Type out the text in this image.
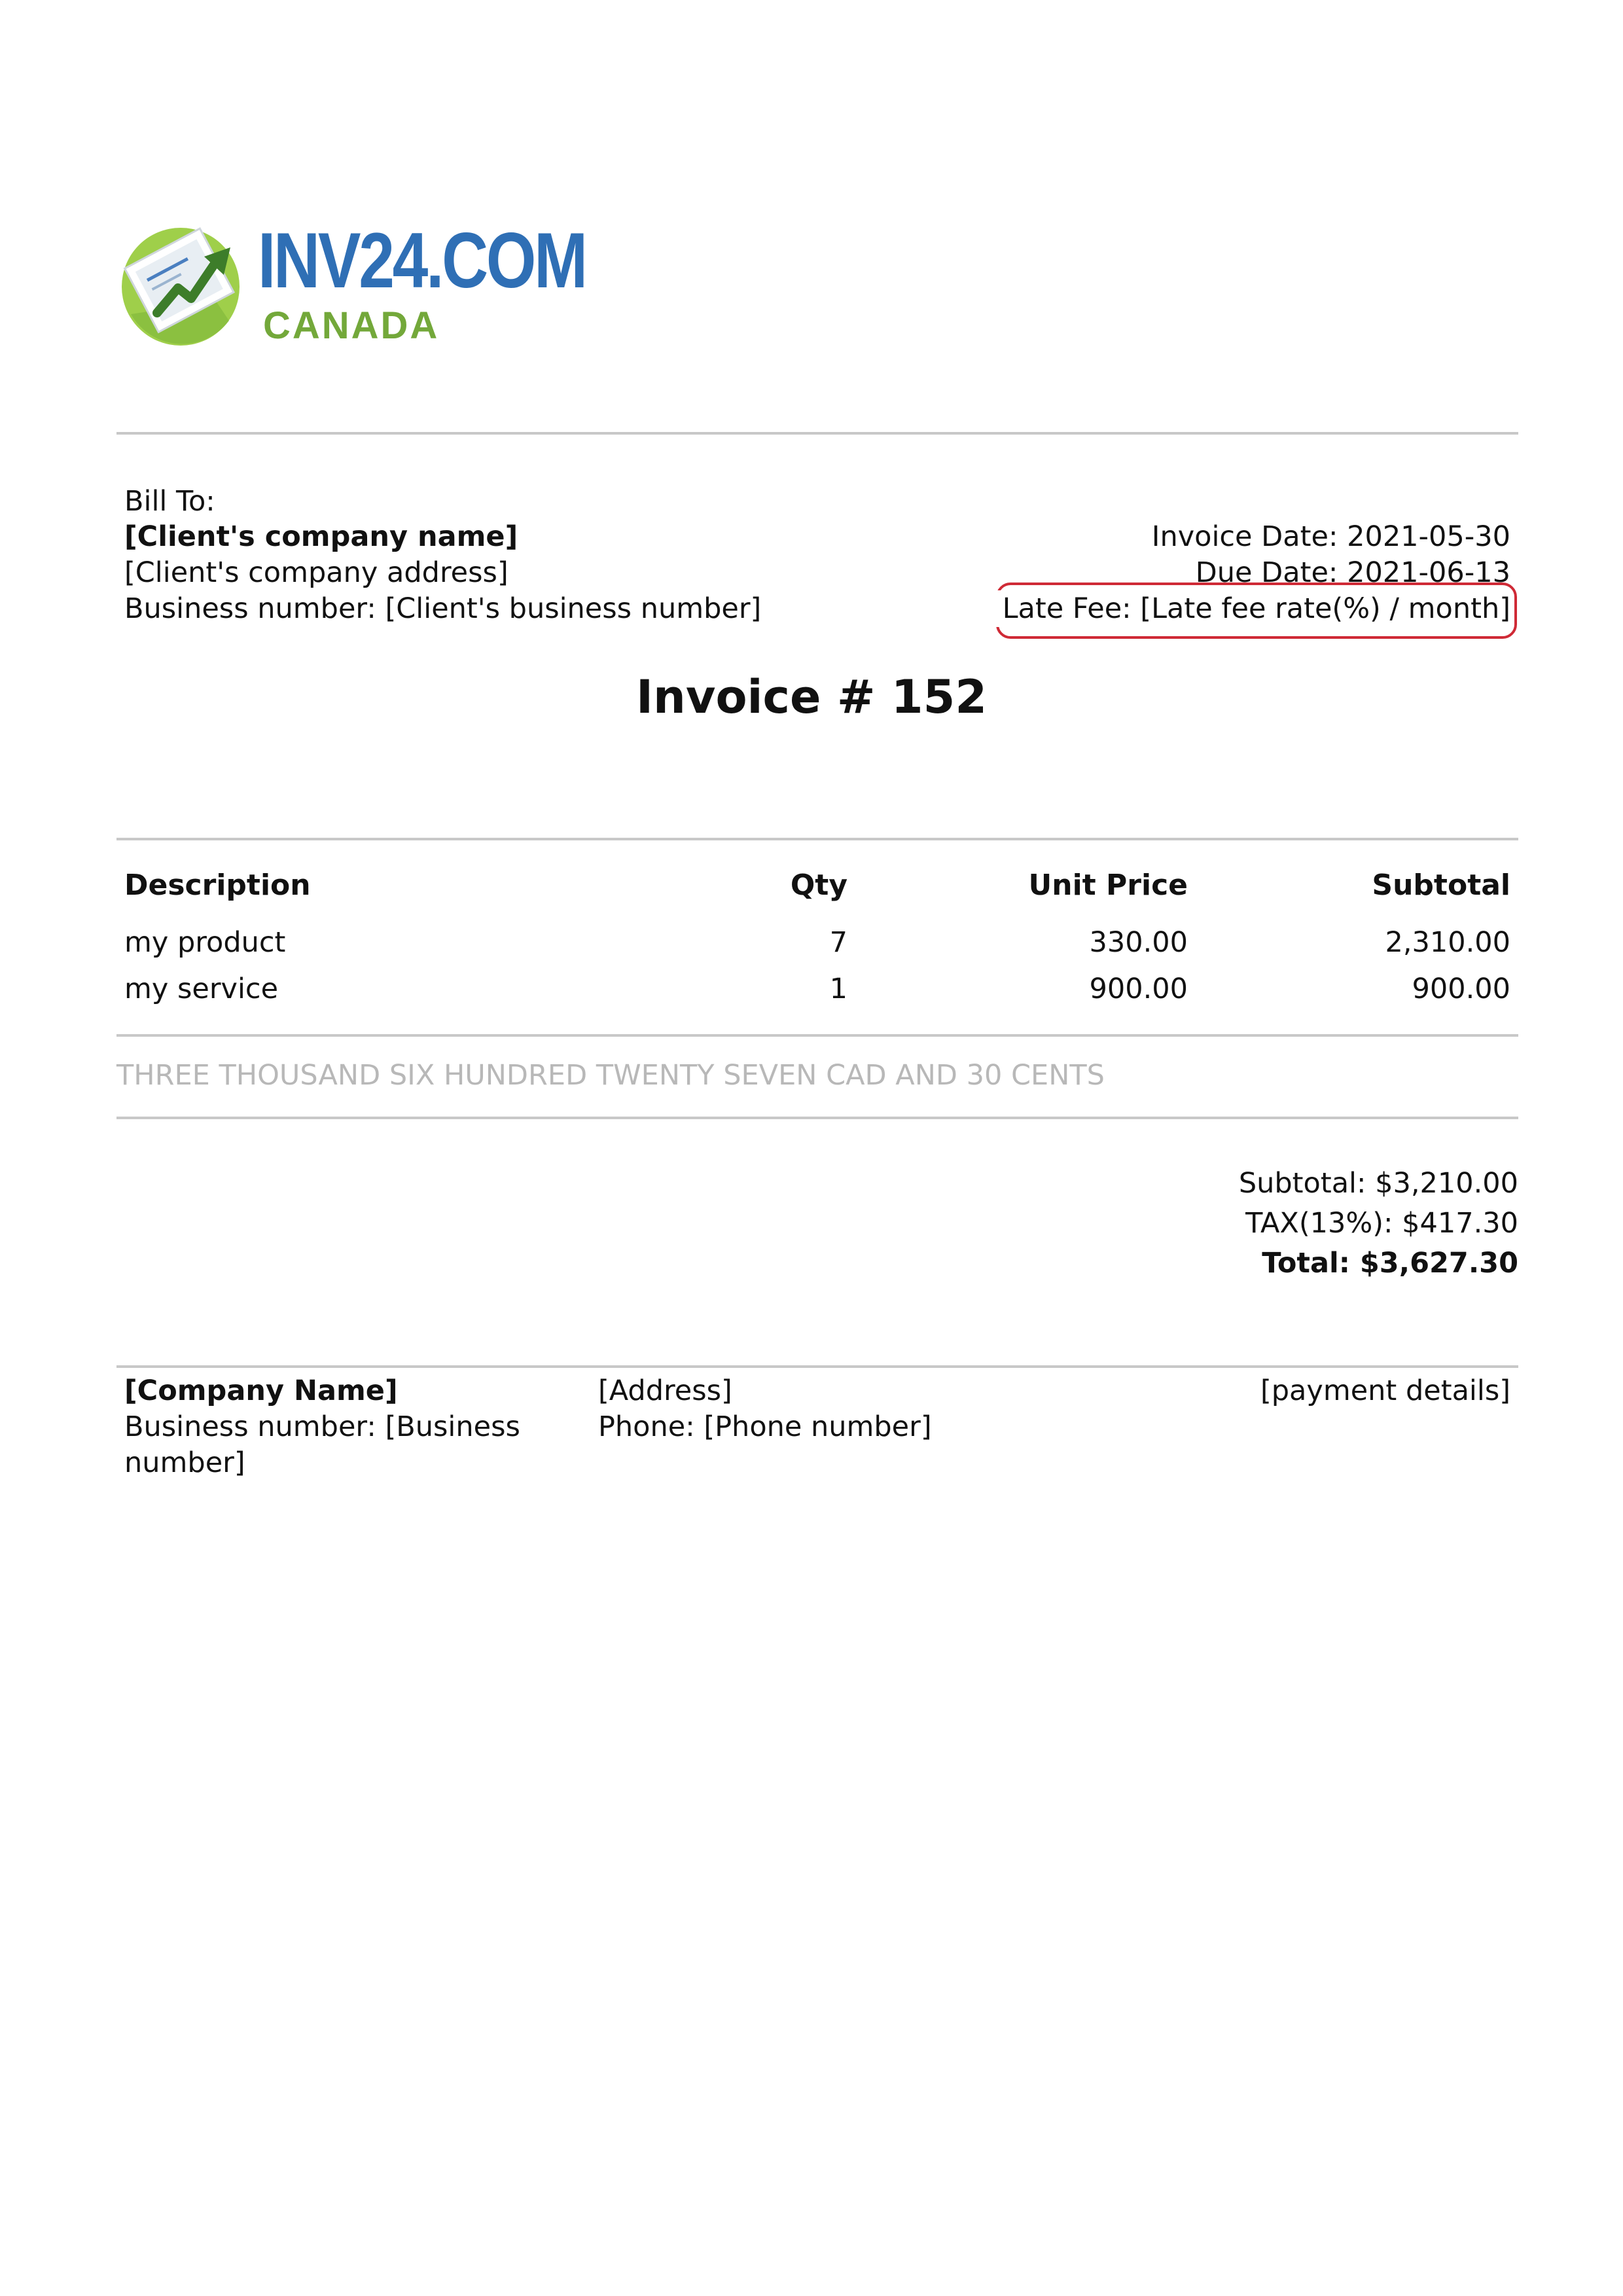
INV24.COM
CANADA
Bill To:
[Client's company name]
[Client's company address]
Business number: [Client's business number]
Invoice Date: 2021-05-30
Due Date: 2021-06-13
Late Fee: [Late fee rate(%) / month]
Invoice # 152
Description	Qty	Unit Price	Subtotal
my product	7	330.00	2,310.00
my service	1	900.00	900.00
THREE THOUSAND SIX HUNDRED TWENTY SEVEN CAD AND 30 CENTS
Subtotal: $3,210.00
TAX(13%): $417.30
Total: $3,627.30
[Company Name]
Business number: [Business
number]
[Address]
Phone: [Phone number]
[payment details]
